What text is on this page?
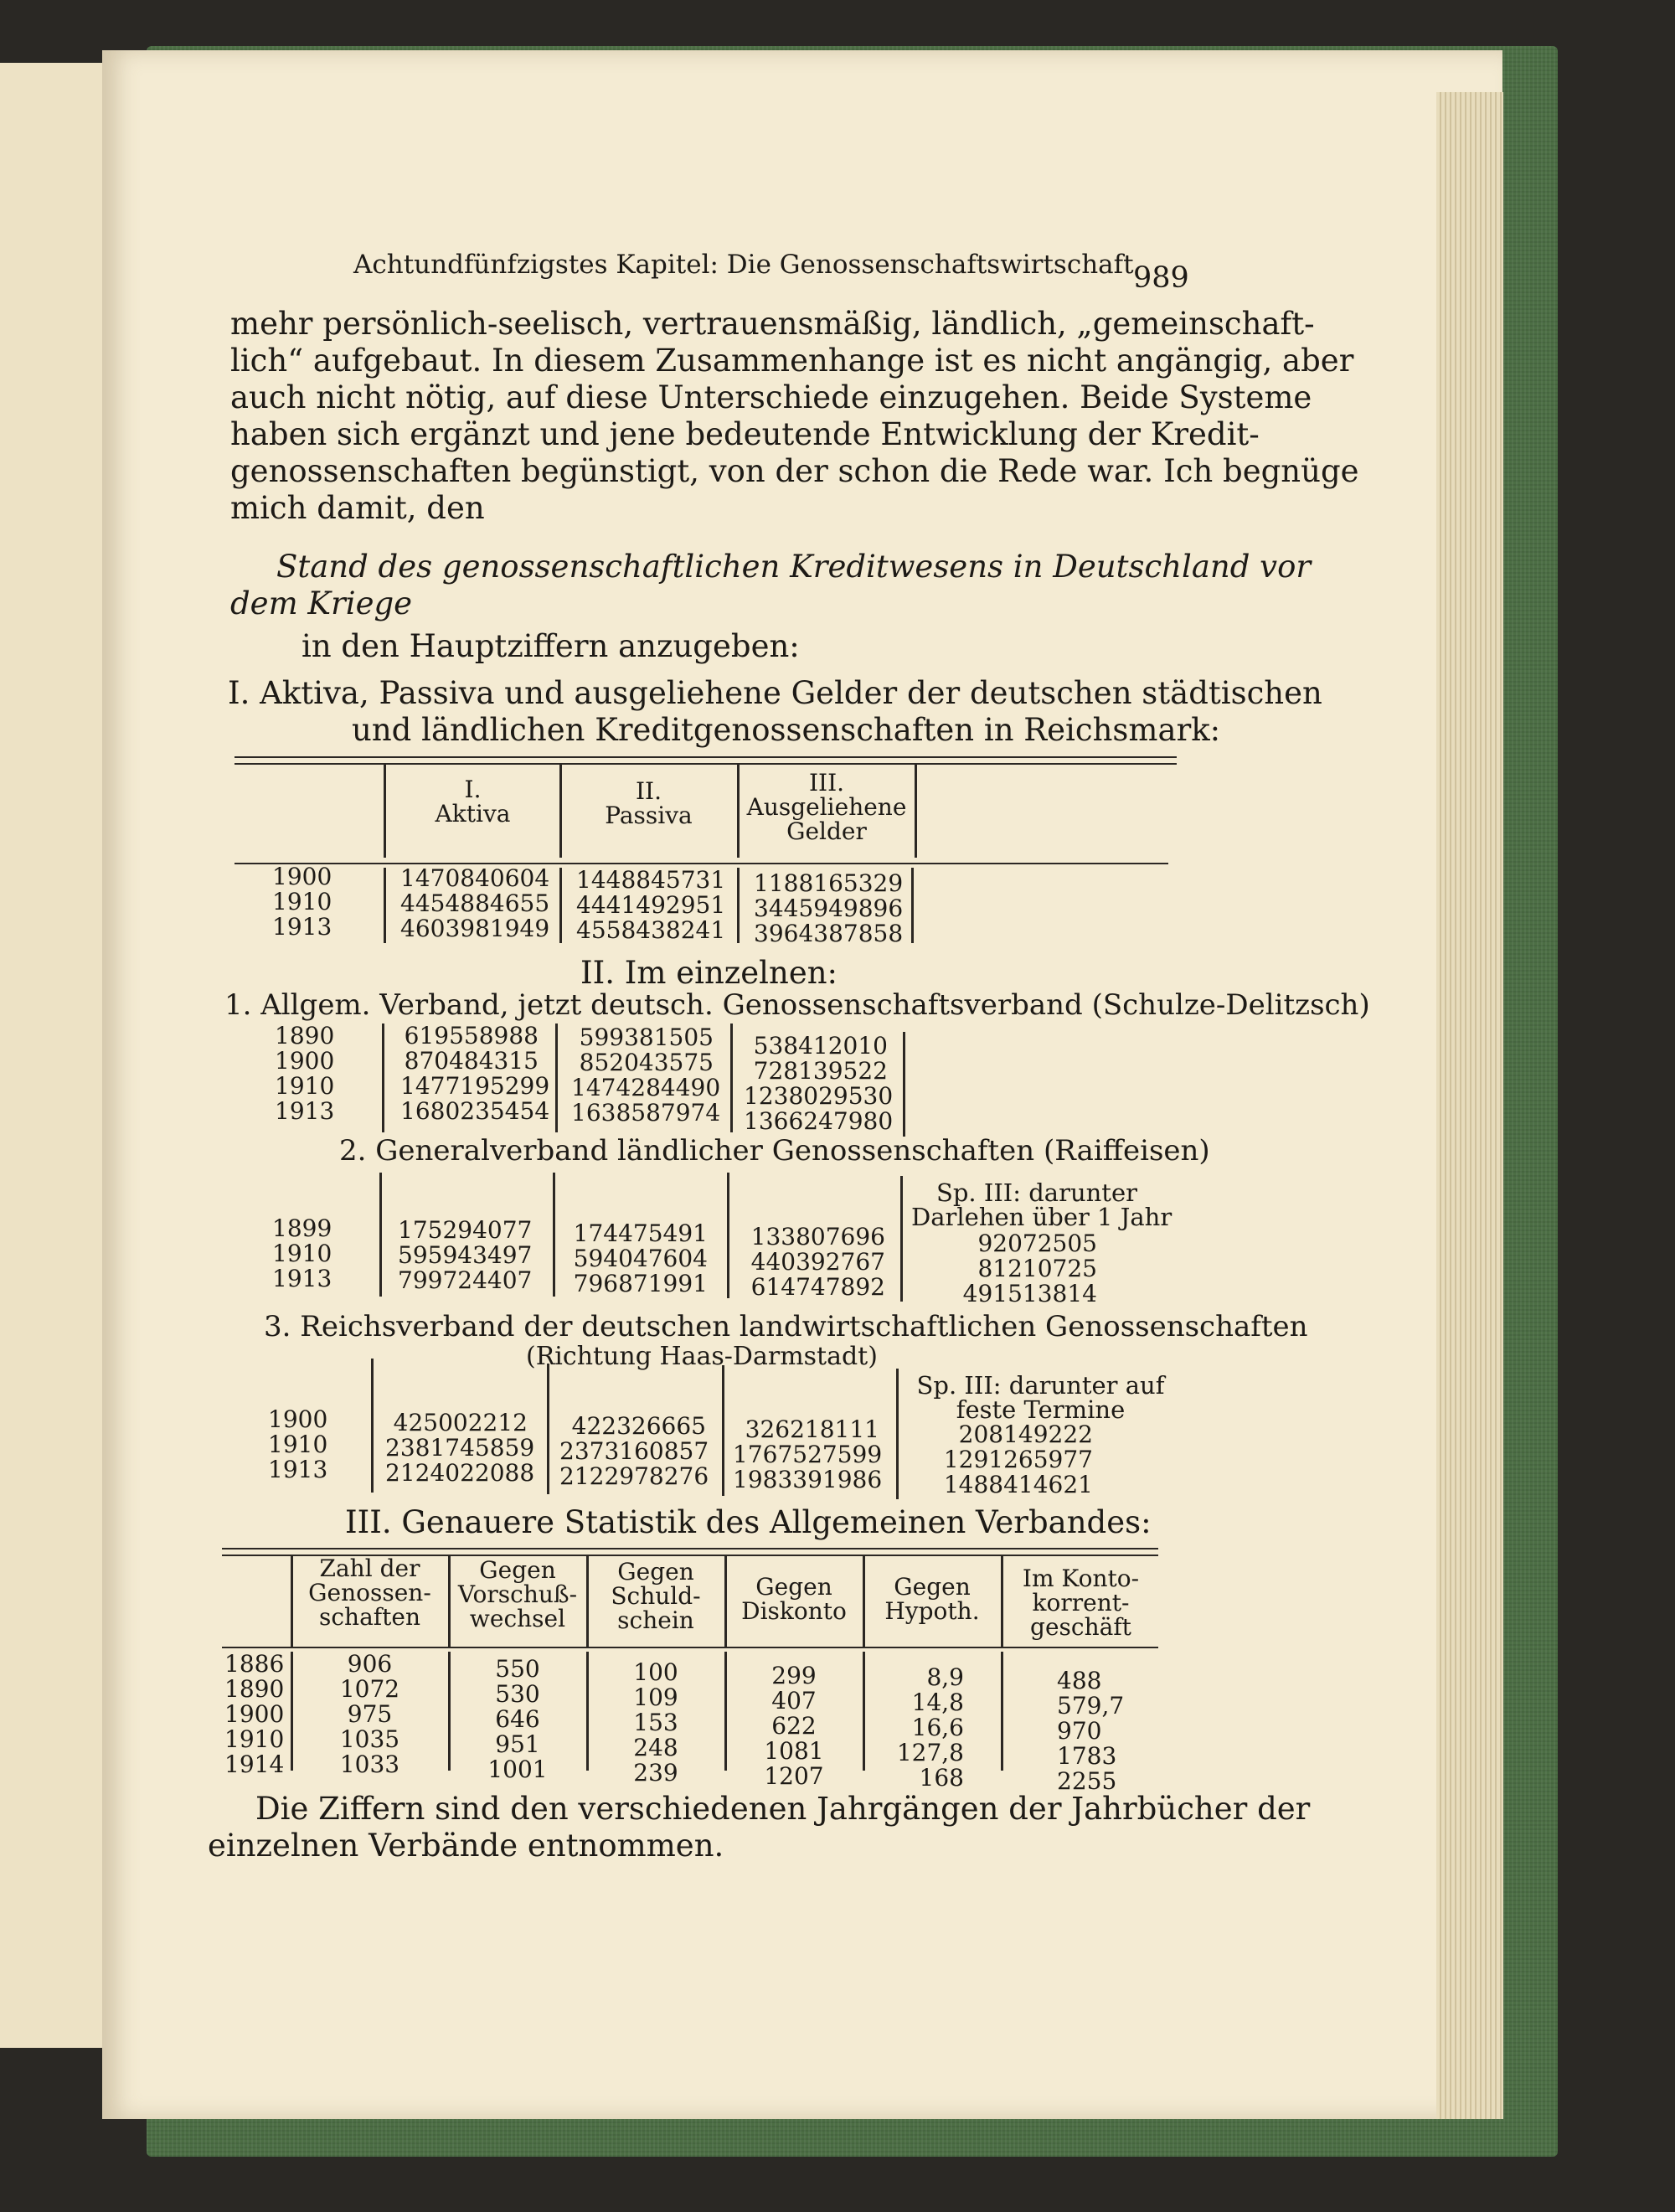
Achtundfünfzigstes Kapitel: Die Genossenschaftswirtschaft 989
mehr persönlich-seelisch, vertrauensmäßig, ländlich, „gemeinschaft-
lich“ aufgebaut. In diesem Zusammenhange ist es nicht angängig, aber
auch nicht nötig, auf diese Unterschiede einzugehen. Beide Systeme
haben sich ergänzt und jene bedeutende Entwicklung der Kredit-
genossenschaften begünstigt, von der schon die Rede war. Ich begnüge
mich damit, den
Stand des genossenschaftlichen Kreditwesens in Deutschland vor
dem Kriege
in den Hauptziffern anzugeben:
I. Aktiva, Passiva und ausgeliehene Gelder der deutschen städtischen
und ländlichen Kreditgenossenschaften in Reichsmark:
I.
Aktiva
II.
Passiva
III.
Ausgeliehene
Gelder
1900
1910
1913
1470840604
4454884655
4603981949
1448845731
4441492951
4558438241
1188165329
3445949896
3964387858
II. Im einzelnen:
1. Allgem. Verband, jetzt deutsch. Genossenschaftsverband (Schulze-Delitzsch)
1890
1900
1910
1913
619558988
870484315
1477195299
1680235454
599381505
852043575
1474284490
1638587974
538412010
728139522
1238029530
1366247980
2. Generalverband ländlicher Genossenschaften (Raiffeisen)
Sp. III: darunter
Darlehen über 1 Jahr
1899
1910
1913
175294077
595943497
799724407
174475491
594047604
796871991
133807696
440392767
614747892
92072505
81210725
491513814
3. Reichsverband der deutschen landwirtschaftlichen Genossenschaften
(Richtung Haas-Darmstadt)
Sp. III: darunter auf
feste Termine
1900
1910
1913
425002212
2381745859
2124022088
422326665
2373160857
2122978276
326218111
1767527599
1983391986
208149222
1291265977
1488414621
III. Genauere Statistik des Allgemeinen Verbandes:
Zahl der
Genossen-
schaften
Gegen
Vorschuß-
wechsel
Gegen
Schuld-
schein
Gegen
Diskonto
Gegen
Hypoth.
Im Konto-
korrent-
geschäft
1886
1890
1900
1910
1914
906
1072
975
1035
1033
550
530
646
951
1001
100
109
153
248
239
299
407
622
1081
1207
8,9
14,8
16,6
127,8
168
488
579,7
970
1783
2255
Die Ziffern sind den verschiedenen Jahrgängen der Jahrbücher der
einzelnen Verbände entnommen.
